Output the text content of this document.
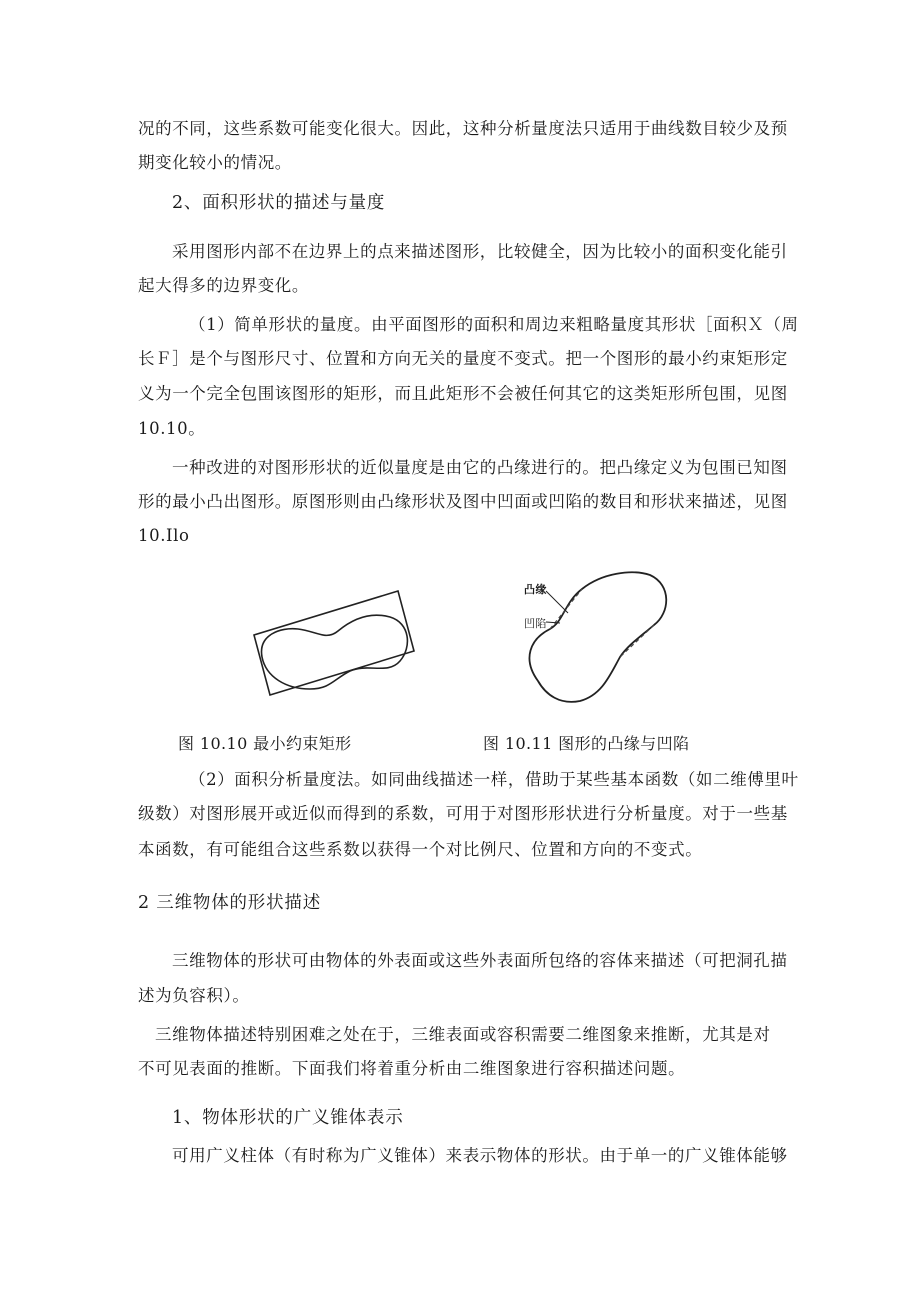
况的不同，这些系数可能变化很大。因此，这种分析量度法只适用于曲线数目较少及预
期变化较小的情况。
2、面积形状的描述与量度
采用图形内部不在边界上的点来描述图形，比较健全，因为比较小的面积变化能引
起大得多的边界变化。
（1）简单形状的量度。由平面图形的面积和周边来粗略量度其形状［面积Ｘ（周
长Ｆ］是个与图形尺寸、位置和方向无关的量度不变式。把一个图形的最小约束矩形定
义为一个完全包围该图形的矩形，而且此矩形不会被任何其它的这类矩形所包围，见图
10.10。
一种改进的对图形形状的近似量度是由它的凸缘进行的。把凸缘定义为包围已知图
形的最小凸出图形。原图形则由凸缘形状及图中凹面或凹陷的数目和形状来描述，见图
10.Ilo
凸缘
凹陷
图 10.10 最小约束矩形	图 10.11 图形的凸缘与凹陷
（2）面积分析量度法。如同曲线描述一样，借助于某些基本函数（如二维傅里叶
级数）对图形展开或近似而得到的系数，可用于对图形形状进行分析量度。对于一些基
本函数，有可能组合这些系数以获得一个对比例尺、位置和方向的不变式。
2 三维物体的形状描述
三维物体的形状可由物体的外表面或这些外表面所包络的容体来描述（可把洞孔描
述为负容积）。
三维物体描述特别困难之处在于，三维表面或容积需要二维图象来推断，尤其是对
不可见表面的推断。下面我们将着重分析由二维图象进行容积描述问题。
1、物体形状的广义锥体表示
可用广义柱体（有时称为广义锥体）来表示物体的形状。由于单一的广义锥体能够
